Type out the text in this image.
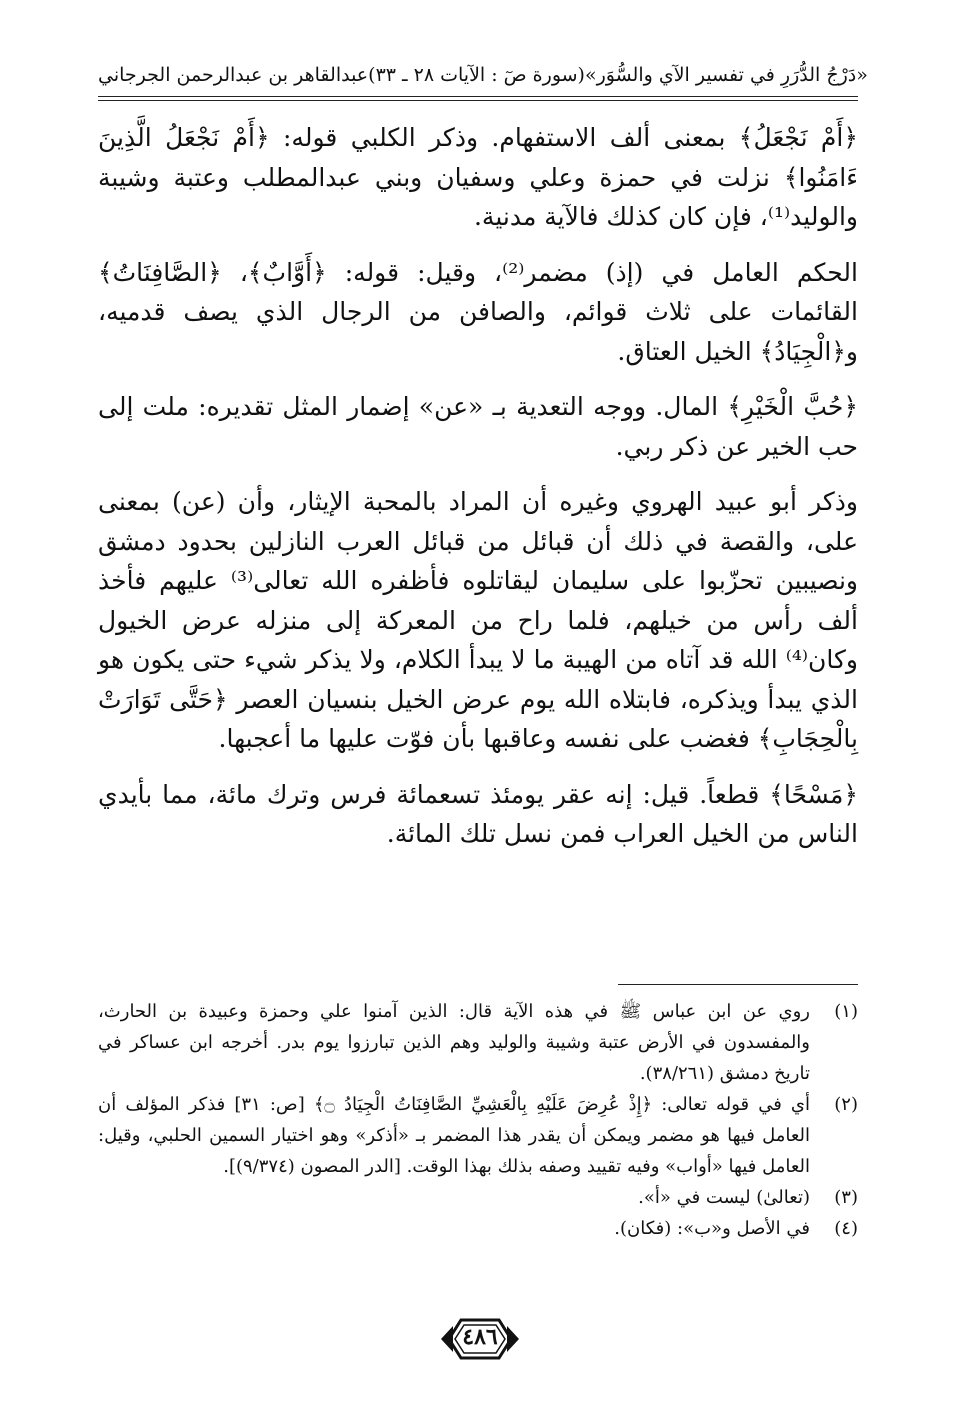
عبدالقاهر بن عبدالرحمن الجرجاني (سورة صٓ : الآيات ٢٨ ـ ٣٣) «دَرْجُ الدُّرَرِ في تفسير الآي والسُّوَر»

﴿أَمْ نَجْعَلُ﴾ بمعنى ألف الاستفهام. وذكر الكلبي قوله: ﴿أَمْ نَجْعَلُ الَّذِينَ ءَامَنُوا﴾ نزلت في حمزة وعلي وسفيان وبني عبدالمطلب وعتبة وشيبة والوليد⁽¹⁾، فإن كان كذلك فالآية مدنية.

الحكم العامل في (إذ) مضمر⁽²⁾، وقيل: قوله: ﴿أَوَّابٌ﴾، ﴿الصَّافِنَاتُ﴾ القائمات على ثلاث قوائم، والصافن من الرجال الذي يصف قدميه، و﴿الْجِيَادُ﴾ الخيل العتاق.

﴿حُبَّ الْخَيْرِ﴾ المال. ووجه التعدية بـ «عن» إضمار المثل تقديره: ملت إلى حب الخير عن ذكر ربي.

وذكر أبو عبيد الهروي وغيره أن المراد بالمحبة الإيثار، وأن (عن) بمعنى على، والقصة في ذلك أن قبائل من قبائل العرب النازلين بحدود دمشق ونصيبين تحزّبوا على سليمان ليقاتلوه فأظفره الله تعالى⁽³⁾ عليهم فأخذ ألف رأس من خيلهم، فلما راح من المعركة إلى منزله عرض الخيول وكان⁽⁴⁾ الله قد آتاه من الهيبة ما لا يبدأ الكلام، ولا يذكر شيء حتى يكون هو الذي يبدأ ويذكره، فابتلاه الله يوم عرض الخيل بنسيان العصر ﴿حَتَّى تَوَارَتْ بِالْحِجَابِ﴾ فغضب على نفسه وعاقبها بأن فوّت عليها ما أعجبها.

﴿مَسْحًا﴾ قطعاً. قيل: إنه عقر يومئذ تسعمائة فرس وترك مائة، مما بأيدي الناس من الخيل العراب فمن نسل تلك المائة.

(١)
روي عن ابن عباس ﷺ في هذه الآية قال: الذين آمنوا علي وحمزة وعبيدة بن الحارث، والمفسدون في الأرض عتبة وشيبة والوليد وهم الذين تبارزوا يوم بدر. أخرجه ابن عساكر في تاريخ دمشق (٣٨/٢٦١).
(٢)
أي في قوله تعالى: ﴿إِذْ عُرِضَ عَلَيْهِ بِالْعَشِيِّ الصَّافِنَاتُ الْجِيَادُ ۝﴾ [ص: ٣١] فذكر المؤلف أن العامل فيها هو مضمر ويمكن أن يقدر هذا المضمر بـ «أذكر» وهو اختيار السمين الحلبي، وقيل: العامل فيها «أواب» وفيه تقييد وصفه بذلك بهذا الوقت. [الدر المصون (٩/٣٧٤)].
(٣)
(تعالىٰ) ليست في «أ».
(٤)
في الأصل و«ب»: (فكان).
٤٨٦
